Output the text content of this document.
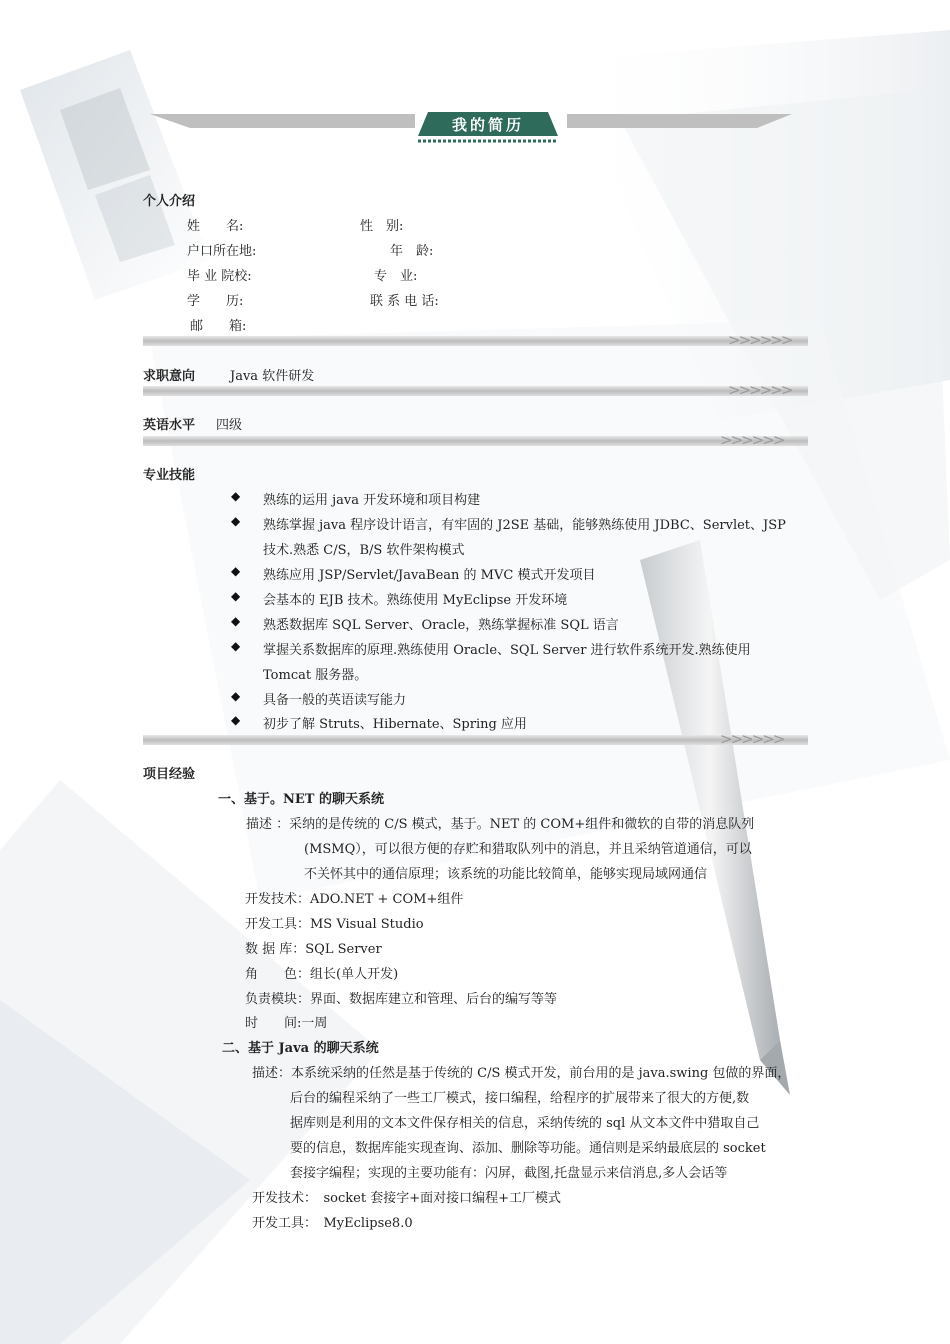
我的简历
个人介绍
姓　　名:	性　别:
户口所在地:	年　龄:
毕 业 院校:	专　业:
学　　历:	联 系 电 话:
邮　　箱:
>>>>>>
求职意向	Java 软件研发
>>>>>>
英语水平 四级
>>>>>>
专业技能
◆ 熟练的运用 java 开发环境和项目构建
◆ 熟练掌握 java 程序设计语言，有牢固的 J2SE 基础，能够熟练使用 JDBC、Servlet、JSP
技术.熟悉 C/S，B/S 软件架构模式
◆ 熟练应用 JSP/Servlet/JavaBean 的 MVC 模式开发项目
◆ 会基本的 EJB 技术。熟练使用 MyEclipse 开发环境
◆ 熟悉数据库 SQL Server、Oracle，熟练掌握标准 SQL 语言
◆ 掌握关系数据库的原理.熟练使用 Oracle、SQL Server 进行软件系统开发.熟练使用
Tomcat 服务器。
◆ 具备一般的英语读写能力
◆ 初步了解 Struts、Hibernate、Spring 应用
>>>>>>
项目经验
一、基于。NET 的聊天系统
描述 ：采纳的是传统的 C/S 模式，基于。NET 的 COM+组件和微软的自带的消息队列
(MSMQ），可以很方便的存贮和猎取队列中的消息，并且采纳管道通信，可以
不关怀其中的通信原理；该系统的功能比较简单，能够实现局域网通信
开发技术：ADO.NET + COM+组件
开发工具：MS Visual Studio
数 据 库：SQL Server
角　　色：组长(单人开发)
负责模块：界面、数据库建立和管理、后台的编写等等
时　　间:一周
二、基于 Java 的聊天系统
描述：本系统采纳的任然是基于传统的 C/S 模式开发，前台用的是 java.swing 包做的界面，
后台的编程采纳了一些工厂模式，接口编程，给程序的扩展带来了很大的方便,数
据库则是利用的文本文件保存相关的信息，采纳传统的 sql 从文本文件中猎取自己
要的信息，数据库能实现查询、添加、删除等功能。通信则是采纳最底层的 socket
套接字编程；实现的主要功能有：闪屏，截图,托盘显示来信消息,多人会话等
开发技术：　socket 套接字+面对接口编程+工厂模式
开发工具：　MyEclipse8.0
